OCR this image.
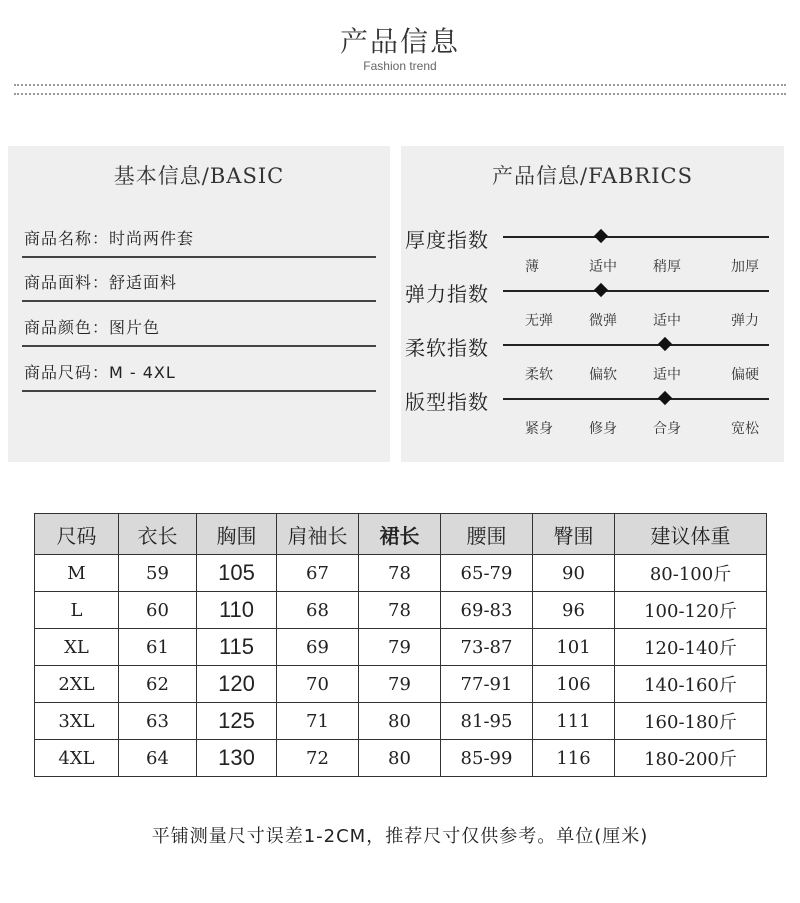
产品信息
Fashion trend
基本信息/BASIC
商品名称：时尚两件套
商品面料：舒适面料
商品颜色：图片色
商品尺码：M - 4XL
产品信息/FABRICS
厚度指数
薄	适中	稍厚	加厚
弹力指数
无弹	微弹	适中	弹力
柔软指数
柔软	偏软	适中	偏硬
版型指数
紧身	修身	合身	宽松
尺码	衣长	胸围	肩袖长	裙长	腰围	臀围	建议体重
M	59	105	67	78	65-79	90	80-100斤
L	60	110	68	78	69-83	96	100-120斤
XL	61	115	69	79	73-87	101	120-140斤
2XL	62	120	70	79	77-91	106	140-160斤
3XL	63	125	71	80	81-95	111	160-180斤
4XL	64	130	72	80	85-99	116	180-200斤
平铺测量尺寸误差1-2CM，推荐尺寸仅供参考。单位(厘米)
